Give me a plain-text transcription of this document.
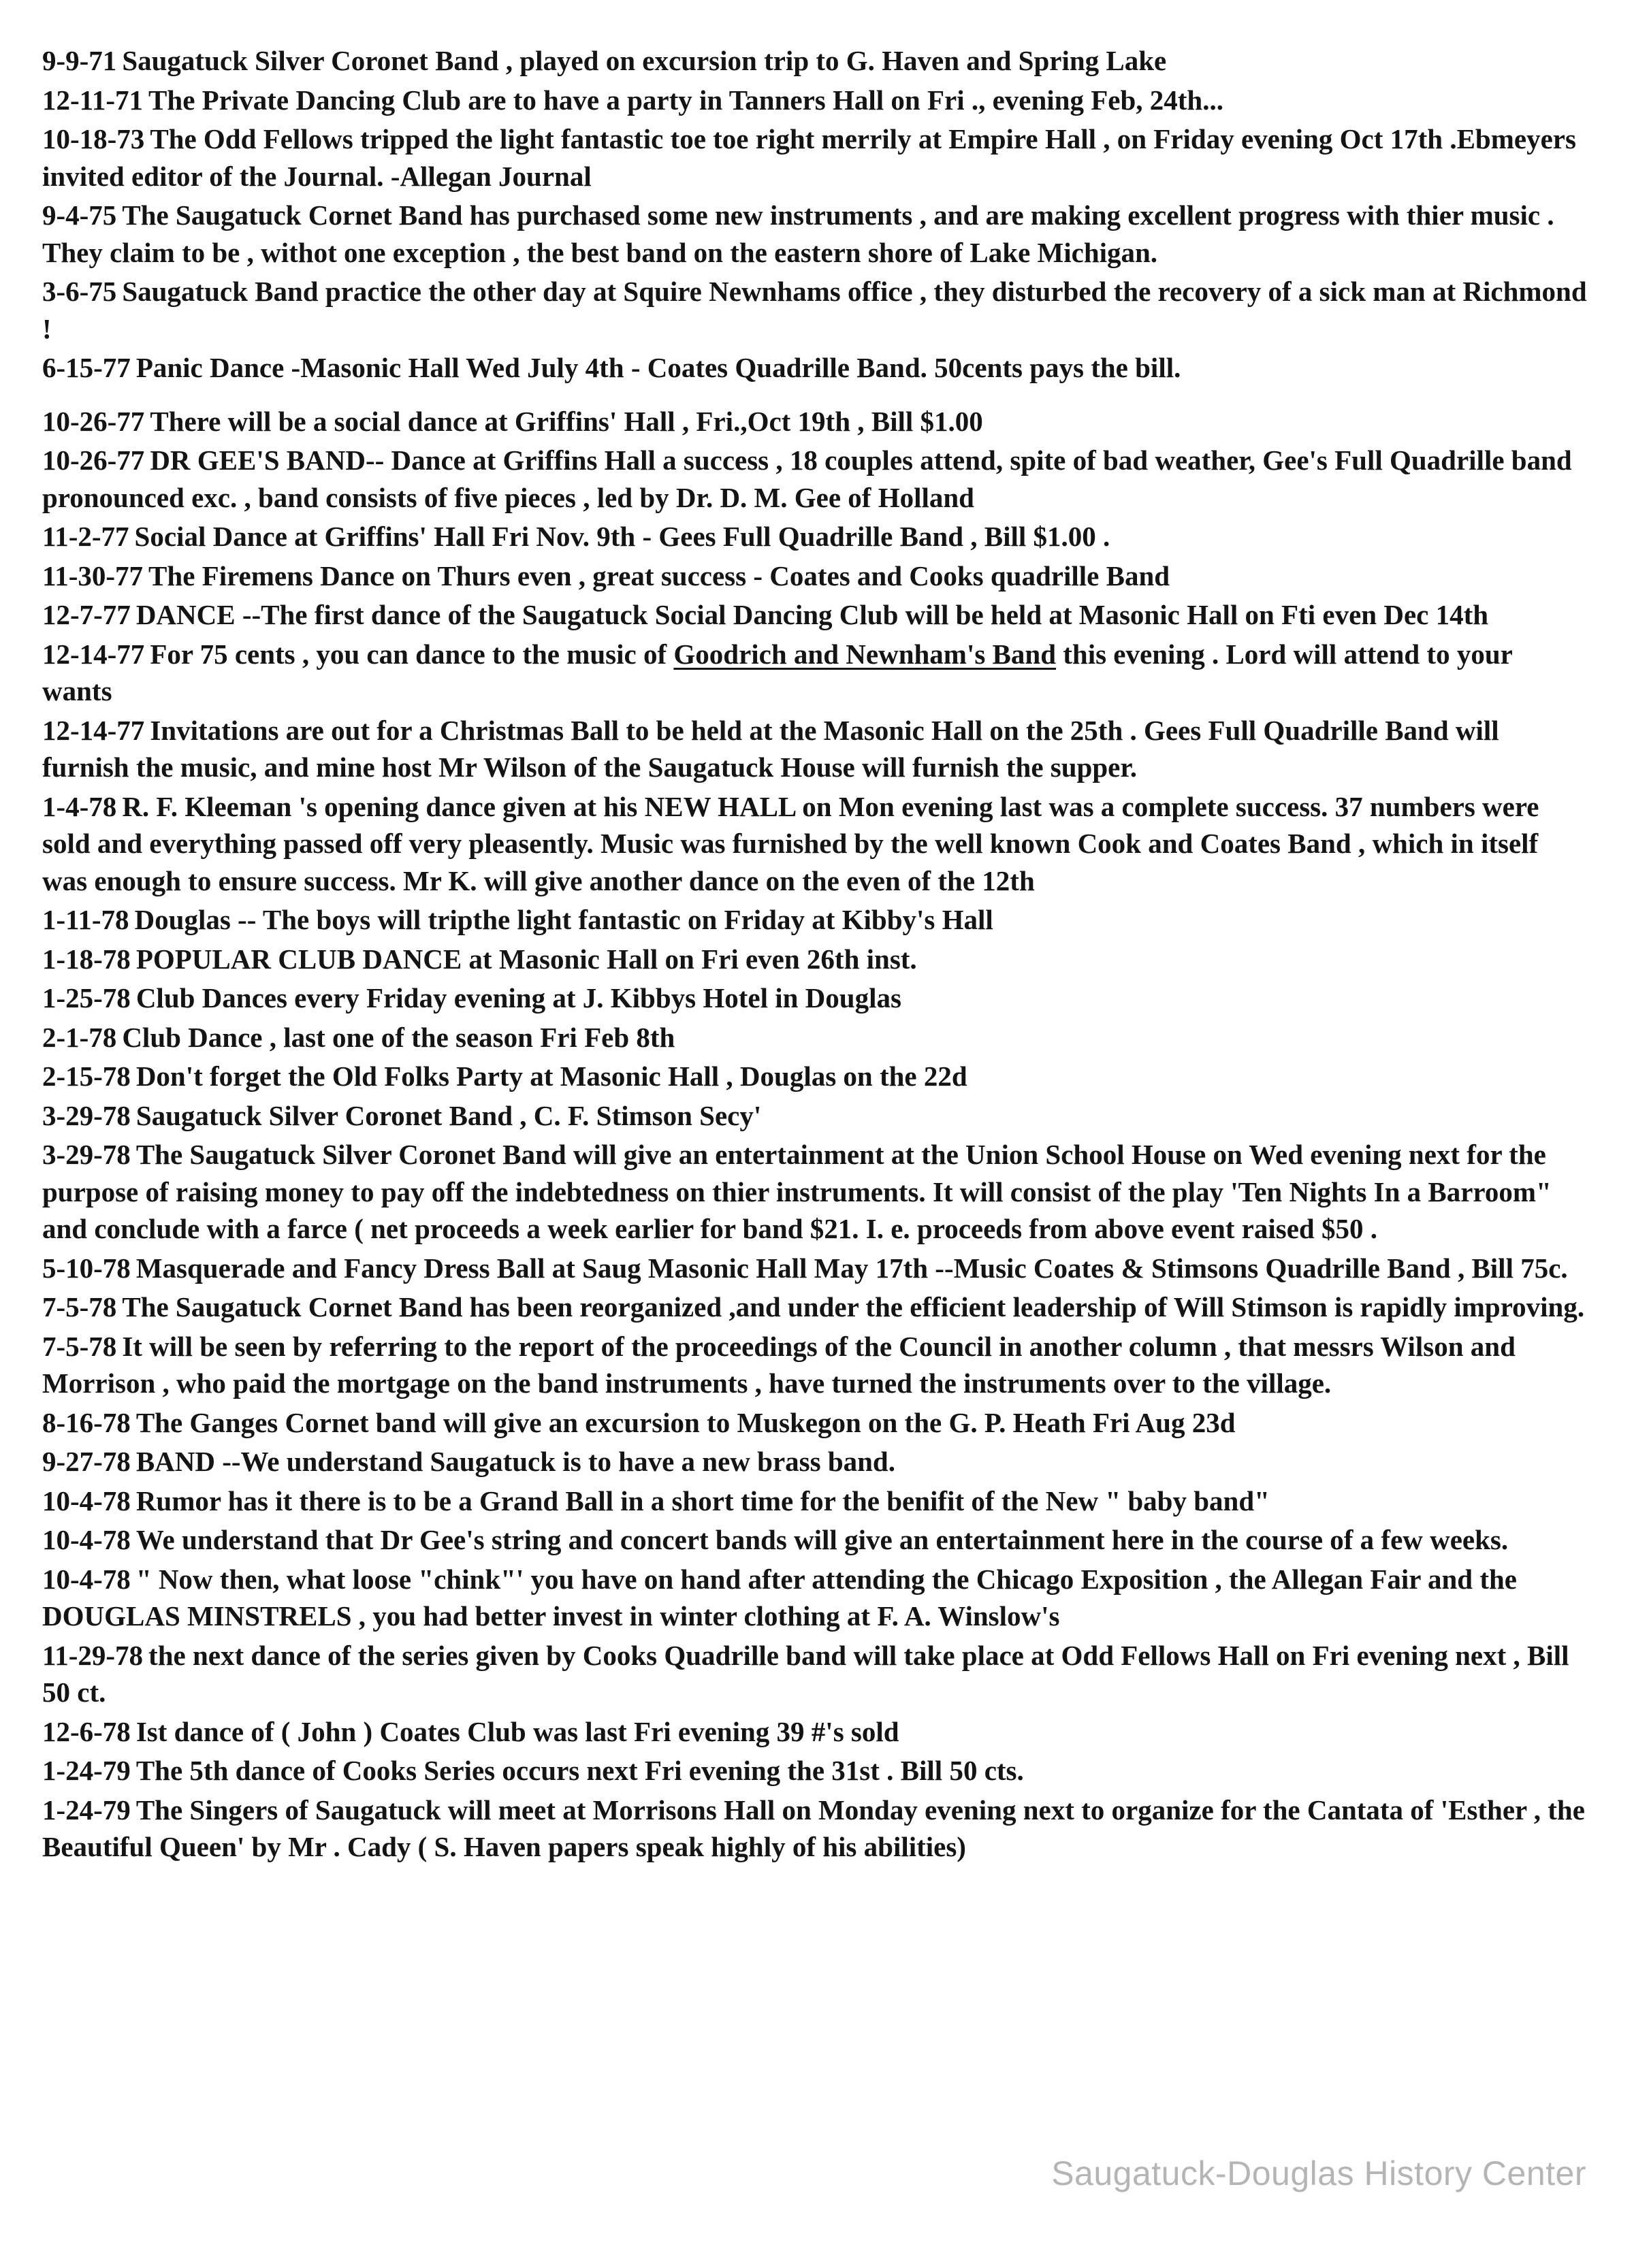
9-9-71 Saugatuck Silver Coronet Band , played on excursion trip to G. Haven and Spring Lake
12-11-71 The Private Dancing Club are to have a party in Tanners Hall on Fri ., evening Feb, 24th...
10-18-73 The Odd Fellows tripped the light fantastic toe toe right merrily at Empire Hall , on Friday evening Oct 17th .Ebmeyers invited editor of the Journal. -Allegan Journal
9-4-75 The Saugatuck Cornet Band has purchased some new instruments , and are making excellent progress with thier music . They claim to be , withot one exception , the best band on the eastern shore of Lake Michigan.
3-6-75 Saugatuck Band practice the other day at Squire Newnhams office , they disturbed the recovery of a sick man at Richmond !
6-15-77 Panic Dance -Masonic Hall Wed July 4th - Coates Quadrille Band. 50cents pays the bill.
10-26-77 There will be a social dance at Griffins' Hall , Fri.,Oct 19th , Bill $1.00
10-26-77 DR GEE'S BAND-- Dance at Griffins Hall a success , 18 couples attend, spite of bad weather, Gee's Full Quadrille band pronounced exc. , band consists of five pieces , led by Dr. D. M. Gee of Holland
11-2-77 Social Dance at Griffins' Hall Fri Nov. 9th - Gees Full Quadrille Band , Bill $1.00 .
11-30-77 The Firemens Dance on Thurs even , great success - Coates and Cooks quadrille Band
12-7-77 DANCE --The first dance of the Saugatuck Social Dancing Club will be held at Masonic Hall on Fti even Dec 14th
12-14-77 For 75 cents , you can dance to the music of Goodrich and Newnham's Band this evening . Lord will attend to your wants
12-14-77 Invitations are out for a Christmas Ball to be held at the Masonic Hall on the 25th . Gees Full Quadrille Band will furnish the music, and mine host Mr Wilson of the Saugatuck House will furnish the supper.
1-4-78 R. F. Kleeman 's opening dance given at his NEW HALL on Mon evening last was a complete success. 37 numbers were sold and everything passed off very pleasently. Music was furnished by the well known Cook and Coates Band , which in itself was enough to ensure success. Mr K. will give another dance on the even of the 12th
1-11-78 Douglas -- The boys will tripthe light fantastic on Friday at Kibby's Hall
1-18-78 POPULAR CLUB DANCE at Masonic Hall on Fri even 26th inst.
1-25-78 Club Dances every Friday evening at J. Kibbys Hotel in Douglas
2-1-78 Club Dance , last one of the season Fri Feb 8th
2-15-78 Don't forget the Old Folks Party at Masonic Hall , Douglas on the 22d
3-29-78 Saugatuck Silver Coronet Band , C. F. Stimson Secy'
3-29-78 The Saugatuck Silver Coronet Band will give an entertainment at the Union School House on Wed evening next for the purpose of raising money to pay off the indebtedness on thier instruments. It will consist of the play 'Ten Nights In a Barroom" and conclude with a farce ( net proceeds a week earlier for band $21. I. e. proceeds from above event raised $50 .
5-10-78 Masquerade and Fancy Dress Ball at Saug Masonic Hall May 17th --Music Coates & Stimsons Quadrille Band , Bill 75c.
7-5-78 The Saugatuck Cornet Band has been reorganized ,and under the efficient leadership of Will Stimson is rapidly improving.
7-5-78 It will be seen by referring to the report of the proceedings of the Council in another column , that messrs Wilson and Morrison , who paid the mortgage on the band instruments , have turned the instruments over to the village.
8-16-78 The Ganges Cornet band will give an excursion to Muskegon on the G. P. Heath Fri Aug 23d
9-27-78 BAND --We understand Saugatuck is to have a new brass band.
10-4-78 Rumor has it there is to be a Grand Ball in a short time for the benifit of the New " baby band"
10-4-78 We understand that Dr Gee's string and concert bands will give an entertainment here in the course of a few weeks.
10-4-78 " Now then, what loose "chink"' you have on hand after attending the Chicago Exposition , the Allegan Fair and the DOUGLAS MINSTRELS , you had better invest in winter clothing at F. A. Winslow's
11-29-78 the next dance of the series given by Cooks Quadrille band will take place at Odd Fellows Hall on Fri evening next , Bill 50 ct.
12-6-78 Ist dance of ( John ) Coates Club was last Fri evening 39 #'s sold
1-24-79 The 5th dance of Cooks Series occurs next Fri evening the 31st . Bill 50 cts.
1-24-79 The Singers of Saugatuck will meet at Morrisons Hall on Monday evening next to organize for the Cantata of 'Esther , the Beautiful Queen' by Mr . Cady ( S. Haven papers speak highly of his abilities)
Saugatuck-Douglas History Center
